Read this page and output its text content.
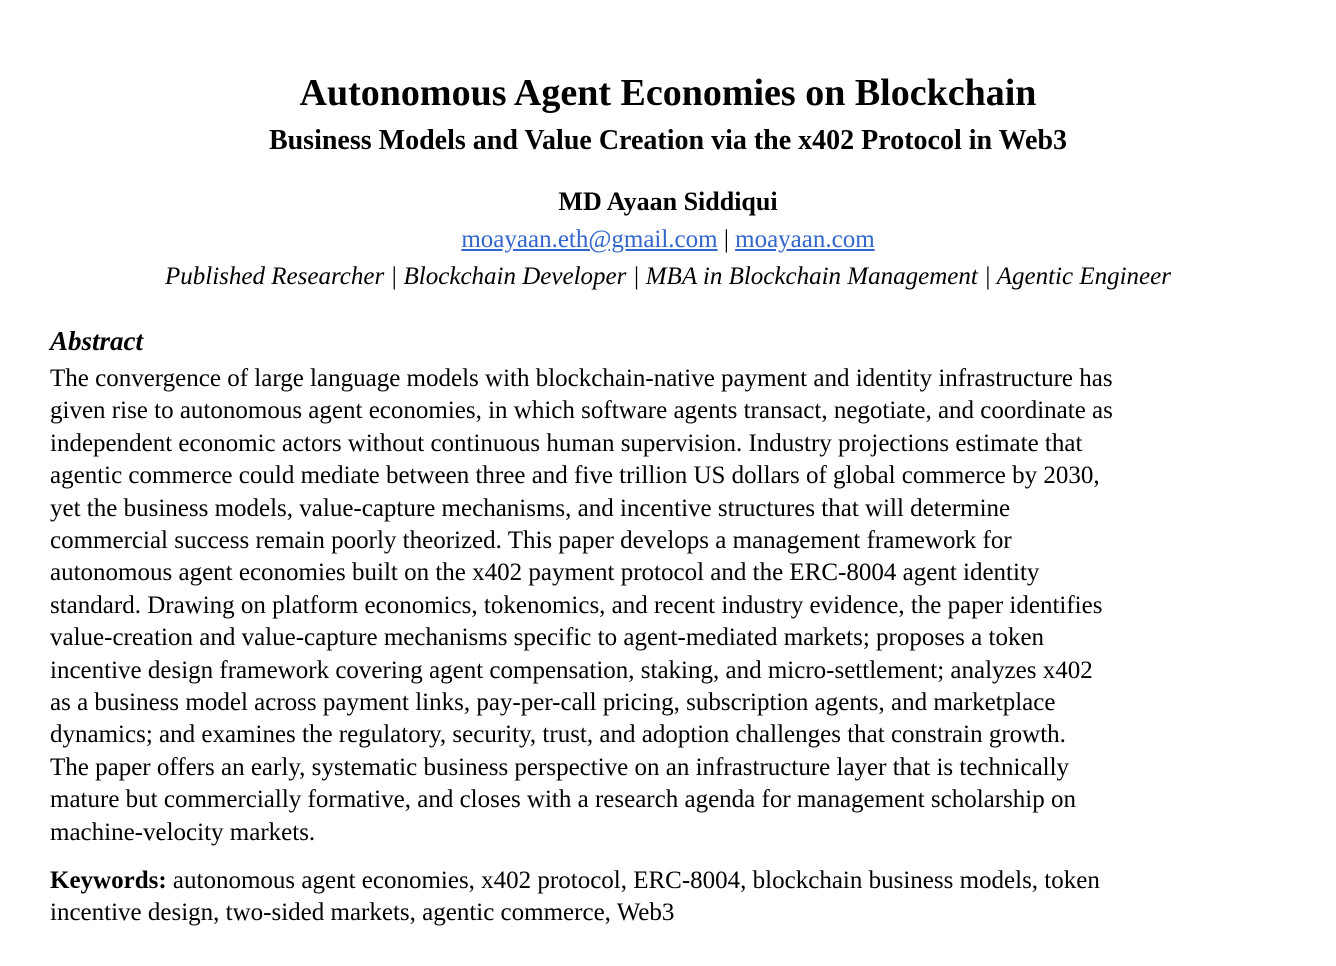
Autonomous Agent Economies on Blockchain
Business Models and Value Creation via the x402 Protocol in Web3
MD Ayaan Siddiqui
moayaan.eth@gmail.com | moayaan.com
Published Researcher | Blockchain Developer | MBA in Blockchain Management | Agentic Engineer
Abstract
The convergence of large language models with blockchain-native payment and identity infrastructure has
given rise to autonomous agent economies, in which software agents transact, negotiate, and coordinate as
independent economic actors without continuous human supervision. Industry projections estimate that
agentic commerce could mediate between three and five trillion US dollars of global commerce by 2030,
yet the business models, value-capture mechanisms, and incentive structures that will determine
commercial success remain poorly theorized. This paper develops a management framework for
autonomous agent economies built on the x402 payment protocol and the ERC-8004 agent identity
standard. Drawing on platform economics, tokenomics, and recent industry evidence, the paper identifies
value-creation and value-capture mechanisms specific to agent-mediated markets; proposes a token
incentive design framework covering agent compensation, staking, and micro-settlement; analyzes x402
as a business model across payment links, pay-per-call pricing, subscription agents, and marketplace
dynamics; and examines the regulatory, security, trust, and adoption challenges that constrain growth.
The paper offers an early, systematic business perspective on an infrastructure layer that is technically
mature but commercially formative, and closes with a research agenda for management scholarship on
machine-velocity markets.
Keywords: autonomous agent economies, x402 protocol, ERC-8004, blockchain business models, token
incentive design, two-sided markets, agentic commerce, Web3
